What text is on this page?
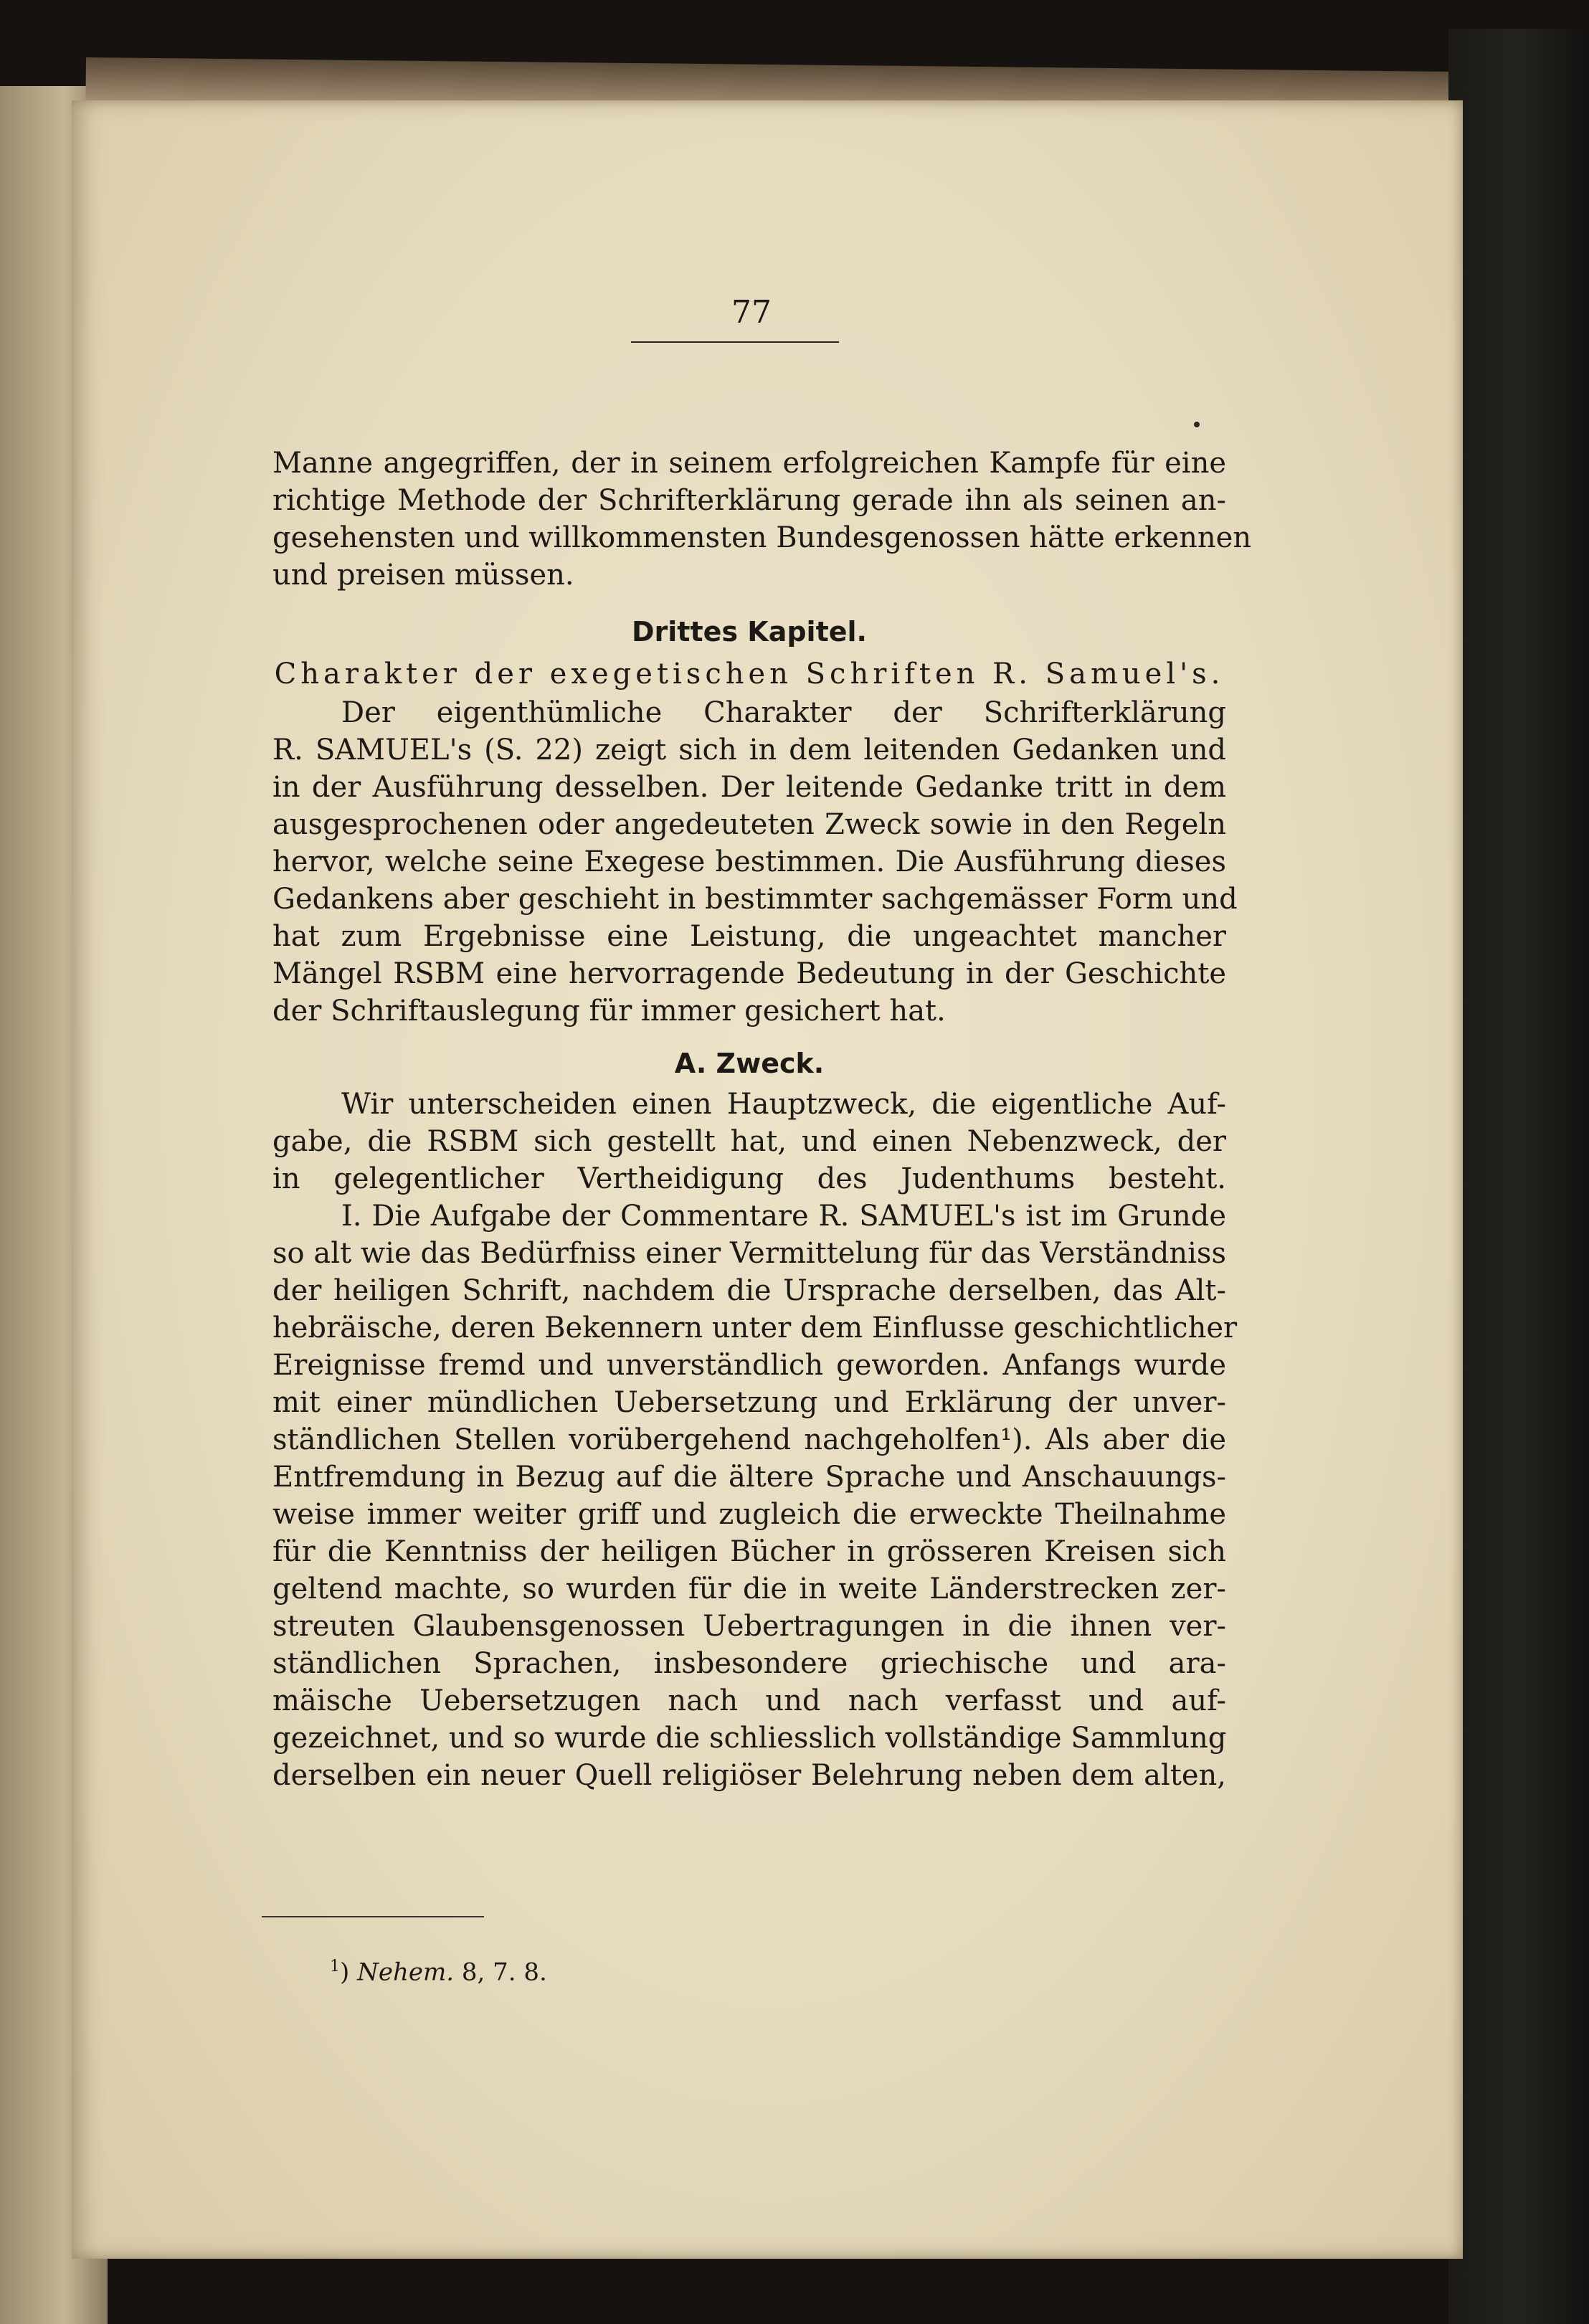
77
Manne angegriffen, der in seinem erfolgreichen Kampfe für eine
richtige Methode der Schrifterklärung gerade ihn als seinen an-
gesehensten und willkommensten Bundesgenossen hätte erkennen
und preisen müssen.
Drittes Kapitel.
Charakter der exegetischen Schriften R. Samuel's.
Der eigenthümliche Charakter der Schrifterklärung
R. SAMUEL's (S. 22) zeigt sich in dem leitenden Gedanken und
in der Ausführung desselben. Der leitende Gedanke tritt in dem
ausgesprochenen oder angedeuteten Zweck sowie in den Regeln
hervor, welche seine Exegese bestimmen. Die Ausführung dieses
Gedankens aber geschieht in bestimmter sachgemässer Form und
hat zum Ergebnisse eine Leistung, die ungeachtet mancher
Mängel RSBM eine hervorragende Bedeutung in der Geschichte
der Schriftauslegung für immer gesichert hat.
A. Zweck.
Wir unterscheiden einen Hauptzweck, die eigentliche Auf-
gabe, die RSBM sich gestellt hat, und einen Nebenzweck, der
in gelegentlicher Vertheidigung des Judenthums besteht.
I. Die Aufgabe der Commentare R. SAMUEL's ist im Grunde
so alt wie das Bedürfniss einer Vermittelung für das Verständniss
der heiligen Schrift, nachdem die Ursprache derselben, das Alt-
hebräische, deren Bekennern unter dem Einflusse geschichtlicher
Ereignisse fremd und unverständlich geworden. Anfangs wurde
mit einer mündlichen Uebersetzung und Erklärung der unver-
ständlichen Stellen vorübergehend nachgeholfen¹). Als aber die
Entfremdung in Bezug auf die ältere Sprache und Anschauungs-
weise immer weiter griff und zugleich die erweckte Theilnahme
für die Kenntniss der heiligen Bücher in grösseren Kreisen sich
geltend machte, so wurden für die in weite Länderstrecken zer-
streuten Glaubensgenossen Uebertragungen in die ihnen ver-
ständlichen Sprachen, insbesondere griechische und ara-
mäische Uebersetzugen nach und nach verfasst und auf-
gezeichnet, und so wurde die schliesslich vollständige Sammlung
derselben ein neuer Quell religiöser Belehrung neben dem alten,
$^1$) Nehem. 8, 7. 8.
